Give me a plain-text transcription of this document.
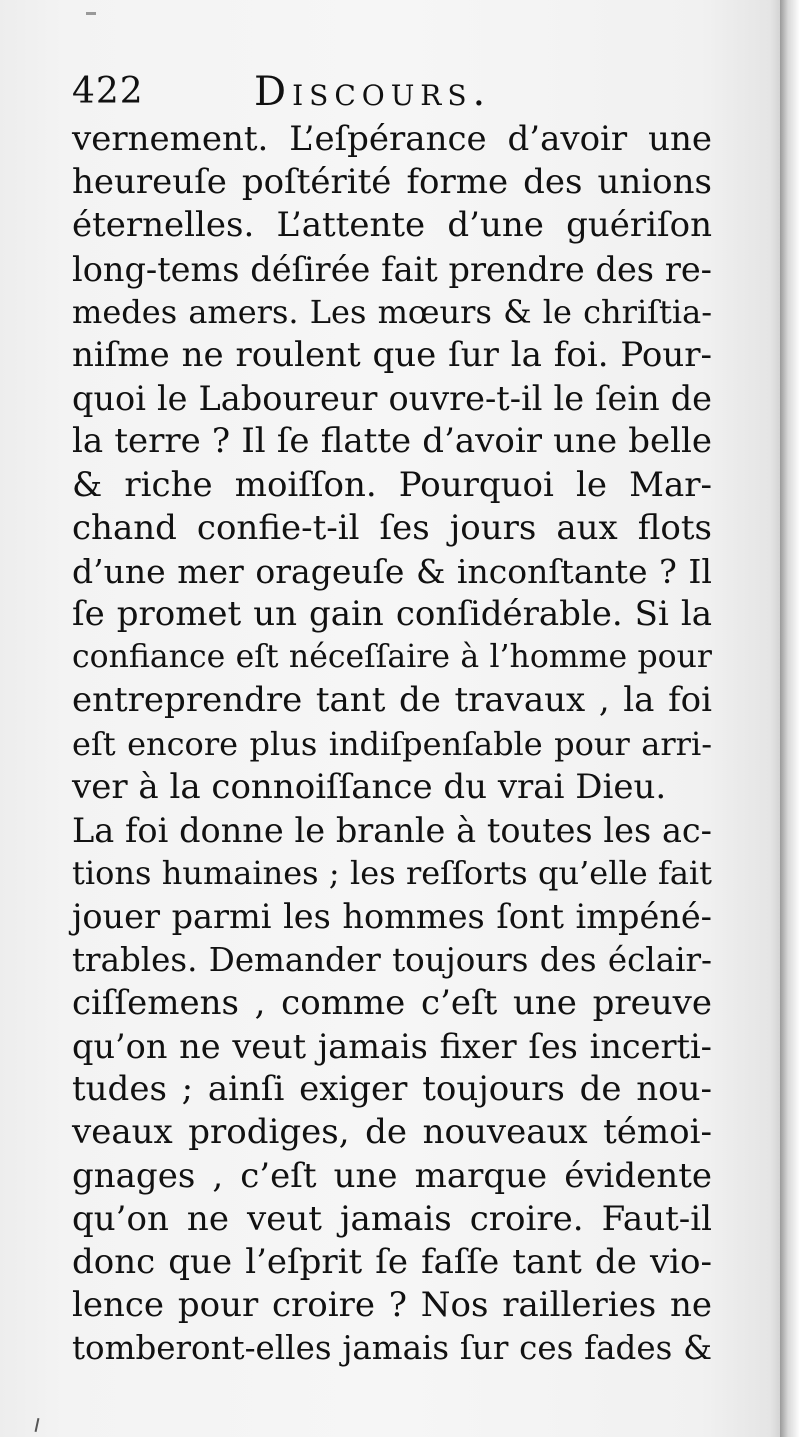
422	Discours.
vernement. L’eſpérance d’avoir une
heureuſe poſtérité forme des unions
éternelles. L’attente d’une guériſon
long-tems déſirée fait prendre des re-
medes amers. Les mœurs & le chriſtia-
niſme ne roulent que ſur la foi. Pour-
quoi le Laboureur ouvre-t-il le ſein de
la terre ? Il ſe flatte d’avoir une belle
& riche moiſſon. Pourquoi le Mar-
chand confie-t-il ſes jours aux flots
d’une mer orageuſe & inconſtante ? Il
ſe promet un gain conſidérable. Si la
confiance eſt néceſſaire à l’homme pour
entreprendre tant de travaux , la foi
eſt encore plus indiſpenſable pour arri-
ver à la connoiſſance du vrai Dieu.
La foi donne le branle à toutes les ac-
tions humaines ; les reſſorts qu’elle fait
jouer parmi les hommes ſont impéné-
trables. Demander toujours des éclair-
ciſſemens , comme c’eſt une preuve
qu’on ne veut jamais fixer ſes incerti-
tudes ; ainſi exiger toujours de nou-
veaux prodiges, de nouveaux témoi-
gnages , c’eſt une marque évidente
qu’on ne veut jamais croire. Faut-il
donc que l’eſprit ſe faſſe tant de vio-
lence pour croire ? Nos railleries ne
tomberont-elles jamais ſur ces fades &
